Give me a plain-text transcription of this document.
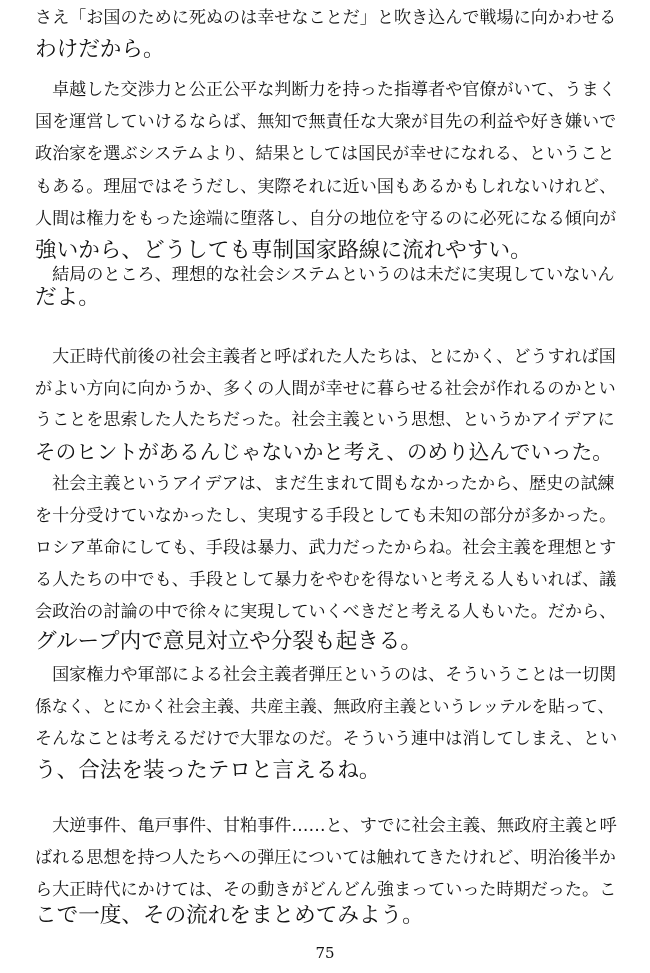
さえ「お国のために死ぬのは幸せなことだ」と吹き込んで戦場に向かわせる
わけだから。
　卓越した交渉力と公正公平な判断力を持った指導者や官僚がいて、うまく
国を運営していけるならば、無知で無責任な大衆が目先の利益や好き嫌いで
政治家を選ぶシステムより、結果としては国民が幸せになれる、ということ
もある。理屈ではそうだし、実際それに近い国もあるかもしれないけれど、
人間は権力をもった途端に堕落し、自分の地位を守るのに必死になる傾向が
強いから、どうしても専制国家路線に流れやすい。
　結局のところ、理想的な社会システムというのは未だに実現していないん
だよ。
　大正時代前後の社会主義者と呼ばれた人たちは、とにかく、どうすれば国
がよい方向に向かうか、多くの人間が幸せに暮らせる社会が作れるのかとい
うことを思索した人たちだった。社会主義という思想、というかアイデアに
そのヒントがあるんじゃないかと考え、のめり込んでいった。
　社会主義というアイデアは、まだ生まれて間もなかったから、歴史の試練
を十分受けていなかったし、実現する手段としても未知の部分が多かった。
ロシア革命にしても、手段は暴力、武力だったからね。社会主義を理想とす
る人たちの中でも、手段として暴力をやむを得ないと考える人もいれば、議
会政治の討論の中で徐々に実現していくべきだと考える人もいた。だから、
グループ内で意見対立や分裂も起きる。
　国家権力や軍部による社会主義者弾圧というのは、そういうことは一切関
係なく、とにかく社会主義、共産主義、無政府主義というレッテルを貼って、
そんなことは考えるだけで大罪なのだ。そういう連中は消してしまえ、とい
う、合法を装ったテロと言えるね。
　大逆事件、亀戸事件、甘粕事件……と、すでに社会主義、無政府主義と呼
ばれる思想を持つ人たちへの弾圧については触れてきたけれど、明治後半か
ら大正時代にかけては、その動きがどんどん強まっていった時期だった。こ
こで一度、その流れをまとめてみよう。
75
